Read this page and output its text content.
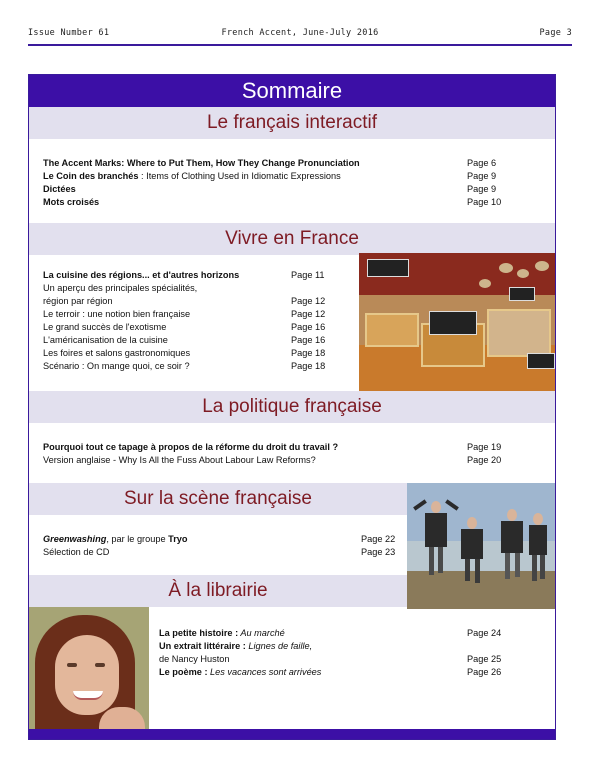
Issue Number 61	French Accent, June-July 2016	Page 3
Sommaire
Le français interactif
The Accent Marks: Where to Put Them, How They Change Pronunciation	Page 6
Le Coin des branchés : Items of Clothing Used in Idiomatic Expressions	Page 9
Dictées	Page 9
Mots croisés	Page 10
Vivre en France
La cuisine des régions... et d'autres horizons	Page 11
Un aperçu des principales spécialités,
région par région	Page 12
Le terroir : une notion bien française	Page 12
Le grand succès de l'exotisme	Page 16
L'américanisation de la cuisine	Page 16
Les foires et salons gastronomiques	Page 18
Scénario : On mange quoi, ce soir ?	Page 18
La politique française
Pourquoi tout ce tapage à propos de la réforme du droit du travail ?	Page 19
Version anglaise - Why Is All the Fuss About Labour Law Reforms?	Page 20
Sur la scène française
Greenwashing, par le groupe Tryo	Page 22
Sélection de CD	Page 23
À la librairie
La petite histoire : Au marché	Page 24
Un extrait littéraire : Lignes de faille,
de Nancy Huston	Page 25
Le poème : Les vacances sont arrivées	Page 26
